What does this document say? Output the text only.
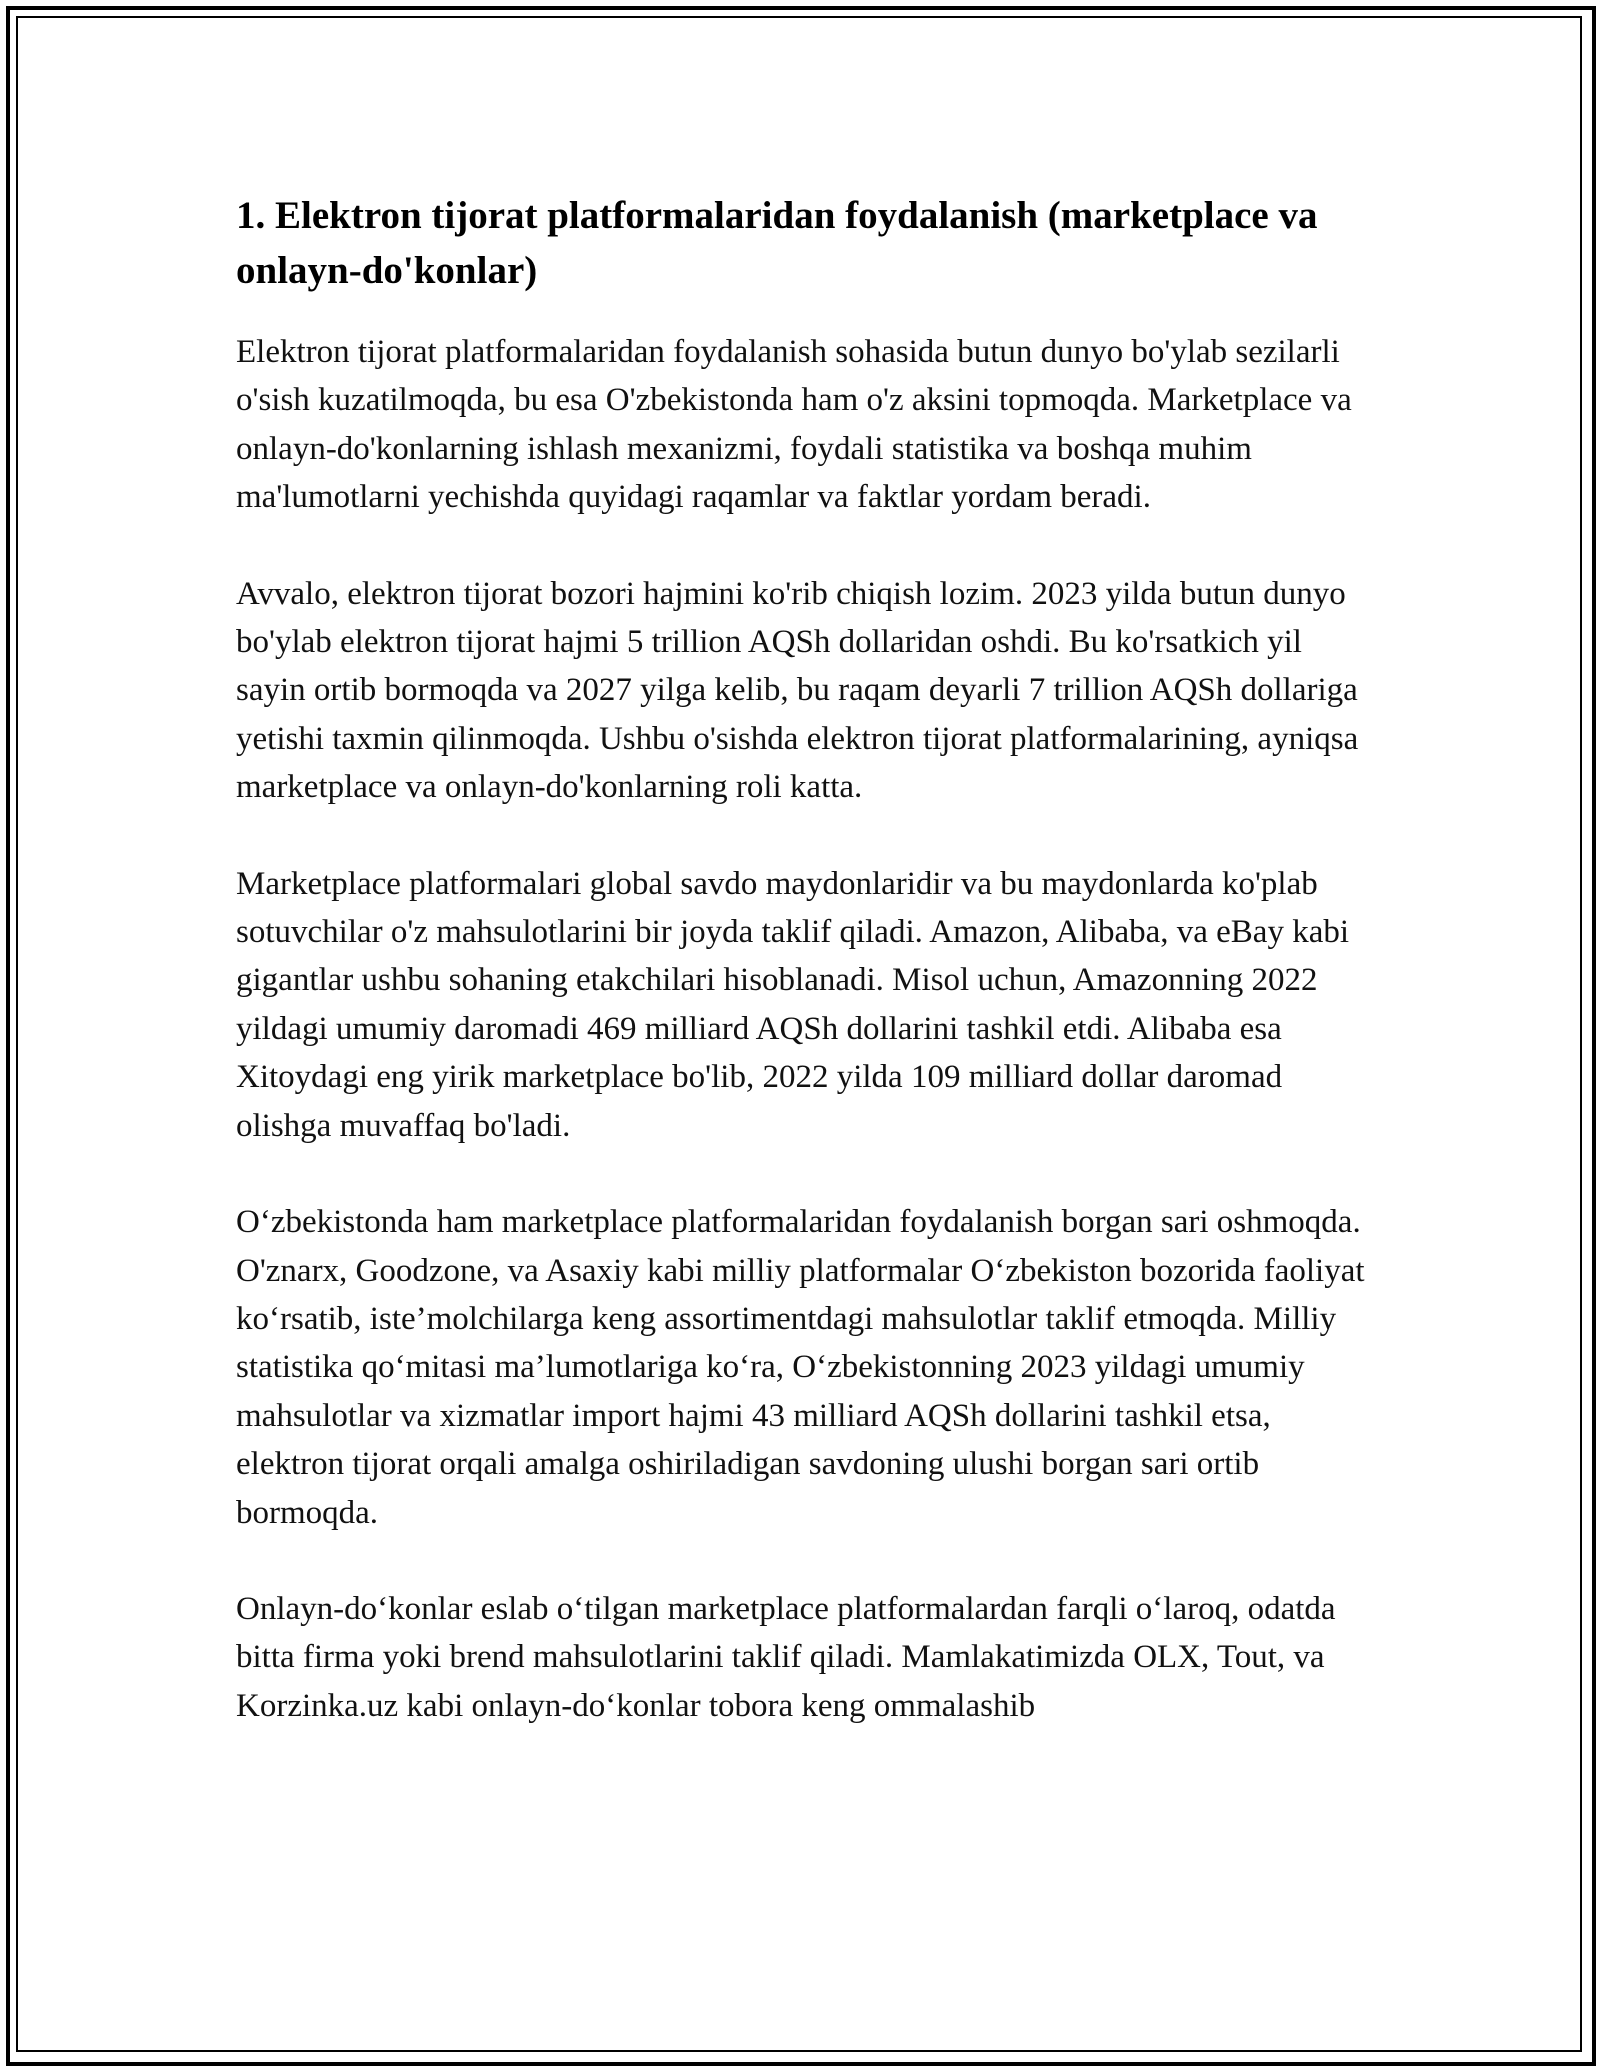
1. Elektron tijorat platformalaridan foydalanish (marketplace va onlayn-do'konlar)

Elektron tijorat platformalaridan foydalanish sohasida butun dunyo bo'ylab sezilarli o'sish kuzatilmoqda, bu esa O'zbekistonda ham o'z aksini topmoqda. Marketplace va onlayn-do'konlarning ishlash mexanizmi, foydali statistika va boshqa muhim ma'lumotlarni yechishda quyidagi raqamlar va faktlar yordam beradi.

Avvalo, elektron tijorat bozori hajmini ko'rib chiqish lozim. 2023 yilda butun dunyo bo'ylab elektron tijorat hajmi 5 trillion AQSh dollaridan oshdi. Bu ko'rsatkich yil sayin ortib bormoqda va 2027 yilga kelib, bu raqam deyarli 7 trillion AQSh dollariga yetishi taxmin qilinmoqda. Ushbu o'sishda elektron tijorat platformalarining, ayniqsa marketplace va onlayn-do'konlarning roli katta.

Marketplace platformalari global savdo maydonlaridir va bu maydonlarda ko'plab sotuvchilar o'z mahsulotlarini bir joyda taklif qiladi. Amazon, Alibaba, va eBay kabi gigantlar ushbu sohaning etakchilari hisoblanadi. Misol uchun, Amazonning 2022 yildagi umumiy daromadi 469 milliard AQSh dollarini tashkil etdi. Alibaba esa Xitoydagi eng yirik marketplace bo'lib, 2022 yilda 109 milliard dollar daromad olishga muvaffaq bo'ladi.

O‘zbekistonda ham marketplace platformalaridan foydalanish borgan sari oshmoqda. O'znarx, Goodzone, va Asaxiy kabi milliy platformalar O‘zbekiston bozorida faoliyat ko‘rsatib, iste’molchilarga keng assortimentdagi mahsulotlar taklif etmoqda. Milliy statistika qo‘mitasi ma’lumotlariga ko‘ra, O‘zbekistonning 2023 yildagi umumiy mahsulotlar va xizmatlar import hajmi 43 milliard AQSh dollarini tashkil etsa, elektron tijorat orqali amalga oshiriladigan savdoning ulushi borgan sari ortib bormoqda.

Onlayn-do‘konlar eslab o‘tilgan marketplace platformalardan farqli o‘laroq, odatda bitta firma yoki brend mahsulotlarini taklif qiladi. Mamlakatimizda OLX, Tout, va Korzinka.uz kabi onlayn-do‘konlar tobora keng ommalashib
